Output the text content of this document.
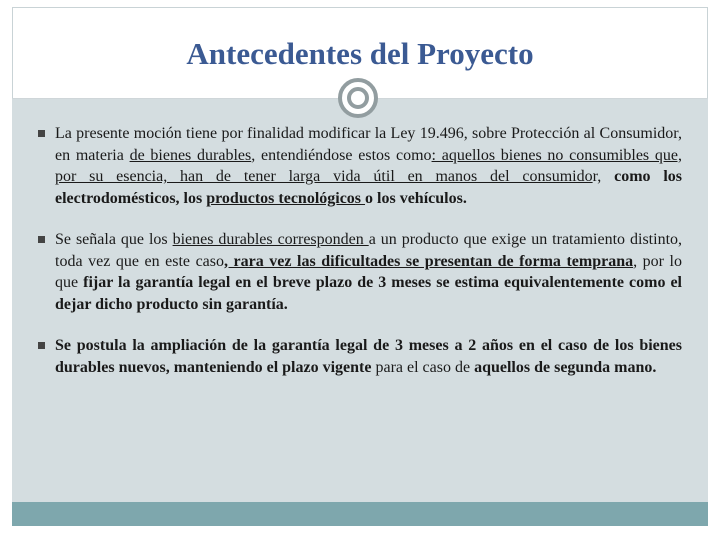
Antecedentes del Proyecto
La presente moción tiene por finalidad modificar la Ley 19.496, sobre Protección al Consumidor, en materia de bienes durables, entendiéndose estos como: aquellos bienes no consumibles que, por su esencia, han de tener larga vida útil en manos del consumidor, como los electrodomésticos, los productos tecnológicos o los vehículos.
Se señala que los bienes durables corresponden a un producto que exige un tratamiento distinto, toda vez que en este caso, rara vez las dificultades se presentan de forma temprana, por lo que fijar la garantía legal en el breve plazo de 3 meses se estima equivalentemente como el dejar dicho producto sin garantía.
Se postula la ampliación de la garantía legal de 3 meses a 2 años en el caso de los bienes durables nuevos, manteniendo el plazo vigente para el caso de aquellos de segunda mano.
